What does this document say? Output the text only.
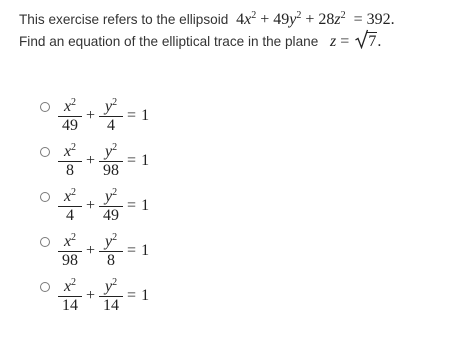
This exercise refers to the ellipsoid $4x^2 + 49y^2 + 28z^2 = 392$.
Find an equation of the elliptical trace in the plane z = 7.
$\frac{x^2}{49} + \frac{y^2}{4} = 1$
$\frac{x^2}{8} + \frac{y^2}{98} = 1$
$\frac{x^2}{4} + \frac{y^2}{49} = 1$
$\frac{x^2}{98} + \frac{y^2}{8} = 1$
$\frac{x^2}{14} + \frac{y^2}{14} = 1$
